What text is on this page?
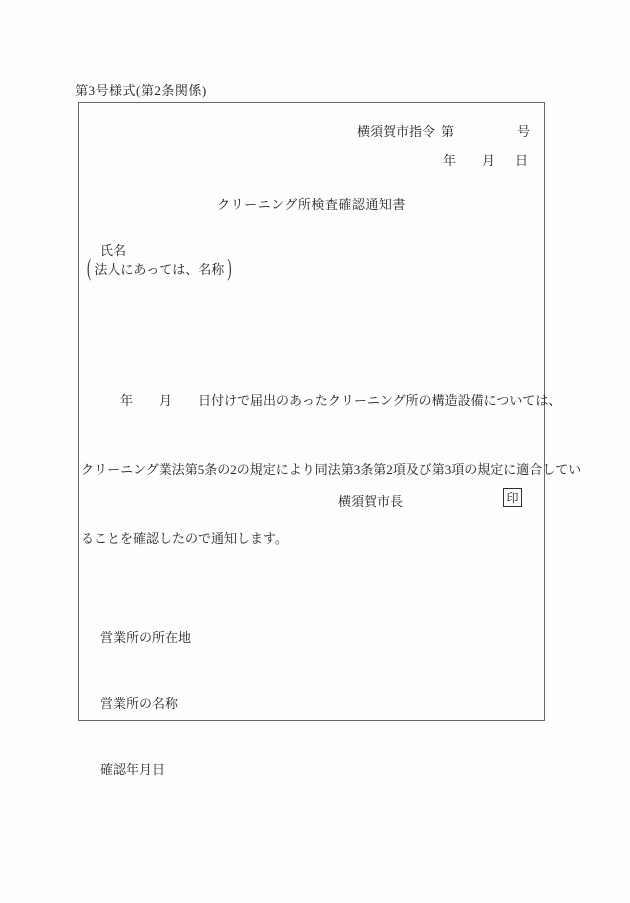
第3号様式(第2条関係)
横須賀市指令 第	号
年 月 日
クリーニング所検査確認通知書
氏名
( 法人にあっては、名称 )

　　　年　　月　　日付けで届出のあったクリーニング所の構造設備については、

クリーニング業法第5条の2の規定により同法第3条第2項及び第3項の規定に適合してい

ることを確認したので通知します。

横須賀市長	印

営業所の所在地

営業所の名称

確認年月日
